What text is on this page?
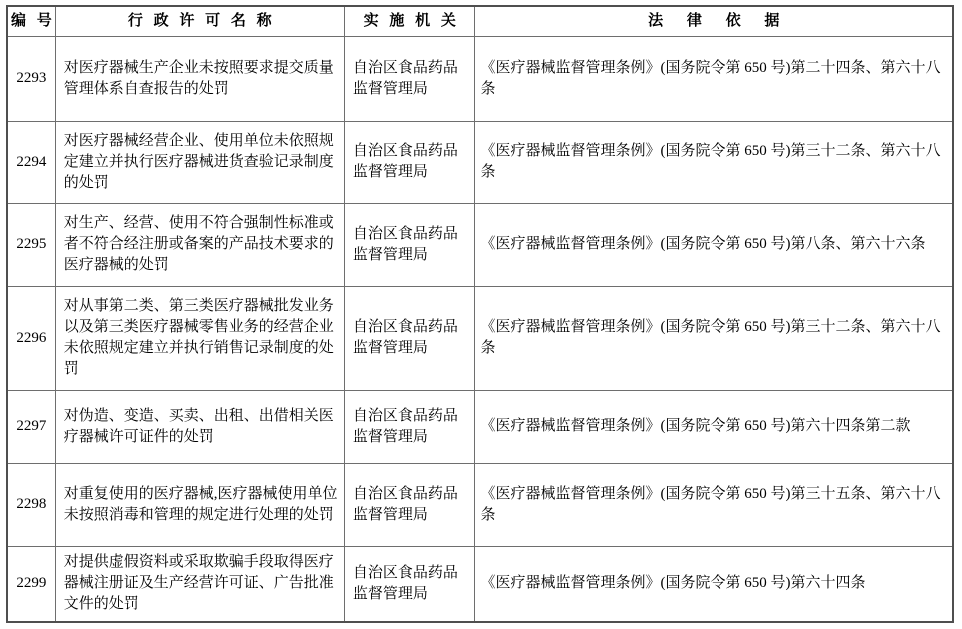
编 号	行 政 许 可 名 称	实 施 机 关	法 律 依 据
2293	对医疗器械生产企业未按照要求提交质量管理体系自查报告的处罚	自治区食品药品监督管理局	《医疗器械监督管理条例》(国务院令第 650 号)第二十四条、第六十八条
2294	对医疗器械经营企业、使用单位未依照规定建立并执行医疗器械进货查验记录制度的处罚	自治区食品药品监督管理局	《医疗器械监督管理条例》(国务院令第 650 号)第三十二条、第六十八条
2295	对生产、经营、使用不符合强制性标准或者不符合经注册或备案的产品技术要求的医疗器械的处罚	自治区食品药品监督管理局	《医疗器械监督管理条例》(国务院令第 650 号)第八条、第六十六条
2296	对从事第二类、第三类医疗器械批发业务以及第三类医疗器械零售业务的经营企业未依照规定建立并执行销售记录制度的处罚	自治区食品药品监督管理局	《医疗器械监督管理条例》(国务院令第 650 号)第三十二条、第六十八条
2297	对伪造、变造、买卖、出租、出借相关医疗器械许可证件的处罚	自治区食品药品监督管理局	《医疗器械监督管理条例》(国务院令第 650 号)第六十四条第二款
2298	对重复使用的医疗器械,医疗器械使用单位未按照消毒和管理的规定进行处理的处罚	自治区食品药品监督管理局	《医疗器械监督管理条例》(国务院令第 650 号)第三十五条、第六十八条
2299	对提供虚假资料或采取欺骗手段取得医疗器械注册证及生产经营许可证、广告批准文件的处罚	自治区食品药品监督管理局	《医疗器械监督管理条例》(国务院令第 650 号)第六十四条
